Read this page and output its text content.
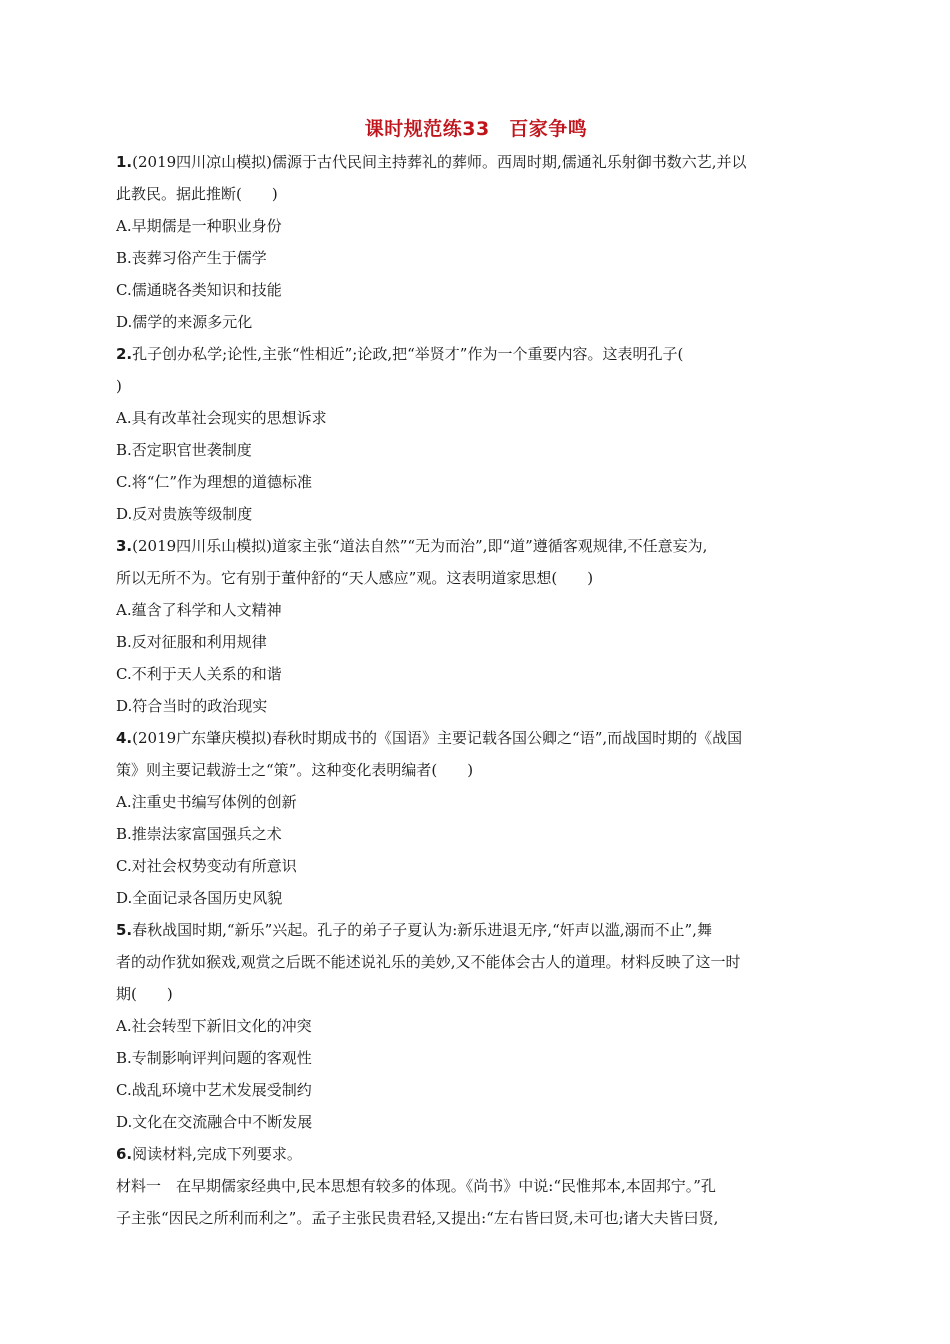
课时规范练33　百家争鸣
1.(2019四川凉山模拟)儒源于古代民间主持葬礼的葬师。西周时期,儒通礼乐射御书数六艺,并以
此教民。据此推断(　　)
A.早期儒是一种职业身份
B.丧葬习俗产生于儒学
C.儒通晓各类知识和技能
D.儒学的来源多元化
2.孔子创办私学;论性,主张“性相近”;论政,把“举贤才”作为一个重要内容。这表明孔子(
)
A.具有改革社会现实的思想诉求
B.否定职官世袭制度
C.将“仁”作为理想的道德标准
D.反对贵族等级制度
3.(2019四川乐山模拟)道家主张“道法自然”“无为而治”,即“道”遵循客观规律,不任意妄为,
所以无所不为。它有别于董仲舒的“天人感应”观。这表明道家思想(　　)
A.蕴含了科学和人文精神
B.反对征服和利用规律
C.不利于天人关系的和谐
D.符合当时的政治现实
4.(2019广东肇庆模拟)春秋时期成书的《国语》主要记载各国公卿之“语”,而战国时期的《战国
策》则主要记载游士之“策”。这种变化表明编者(　　)
A.注重史书编写体例的创新
B.推崇法家富国强兵之术
C.对社会权势变动有所意识
D.全面记录各国历史风貌
5.春秋战国时期,“新乐”兴起。孔子的弟子子夏认为:新乐进退无序,“奸声以滥,溺而不止”,舞
者的动作犹如猴戏,观赏之后既不能述说礼乐的美妙,又不能体会古人的道理。材料反映了这一时
期(　　)
A.社会转型下新旧文化的冲突
B.专制影响评判问题的客观性
C.战乱环境中艺术发展受制约
D.文化在交流融合中不断发展
6.阅读材料,完成下列要求。
材料一　在早期儒家经典中,民本思想有较多的体现。《尚书》中说:“民惟邦本,本固邦宁。”孔
子主张“因民之所利而利之”。孟子主张民贵君轻,又提出:“左右皆曰贤,未可也;诸大夫皆曰贤,
